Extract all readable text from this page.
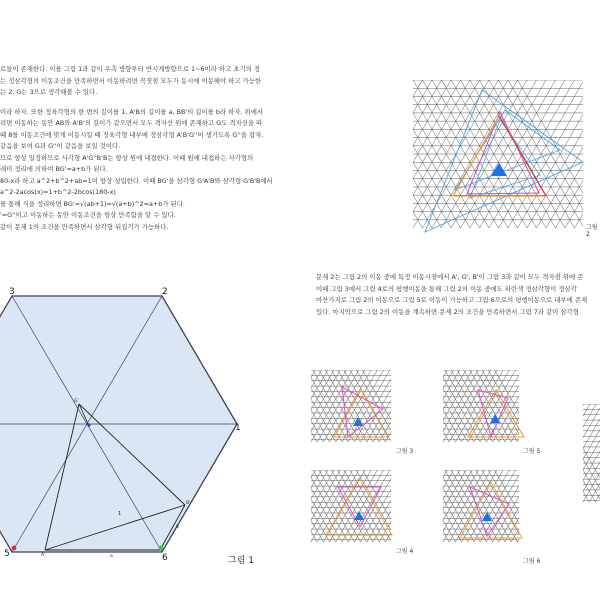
로들이 존재한다. 이를 그림 1과 같이 우측 방향부터 반시계방향으로 1~6이라 하고 초기의 정

는 정삼각형의 이동조건을 만족하면서 이동하려면 꼭짓점 모두가 동시에 이동해야 하고 가능한

는 2, G는 3으로 생각해볼 수 있다.

이라 하자. 또한 정육각형의 한 변의 길이를 1, A'B의 길이를 a, BB'의 길이를 b라 하자. 위에서

려면 이동하는 동안 AB와 A'B'의 길이가 같으면서 모두 격자선 위에 존재하고 G도 격자선을 따

때 8를 이동조건에 맞게 이동시킬 때 정육각형 내부에 정삼각형 A'B'G''이 생기도록 G''을 잡자.

같음을 보여 G과 G''이 같음을 보일 것이다.

므로 항상 일정하므로 사각형 A'G''B'B는 항상 원에 내접한다. 이때 원에 내접하는 사각형의

레미 정리에 의하여 BG'=a+b가 된다.

80-x라 하고 a^2+b^2+ab=1이 항상 성립한다. 이때 BG'을 삼각형 G'A'B와 삼각형 G'B'B에서

a^2-2acos(x)=1+b^2-2bcos(180-x)

를 통해 식을 정리하면 BG'=√(ab+1)=√(a+b)^2=a+b가 된다.

'=G''이고 이동하는 동안 이동조건을 항상 만족함을 알 수 있다.

같이 문제 1의 조건을 만족하면서 삼각형 뒤집기가 가능하다.

문제 2는 그림 2의 이동 중에 특정 이동시점에서 A', G', B'이 그림 3과 같이 모두 격자점 위에 존

이때 그림 3에서 그림 4로의 평행이동을 통해 그림 2의 이동 중에도 파란색 정삼각형이 정삼각

마찬가지로 그림 2의 이동으로 그림 5로 이동이 가능하고 그림 6으로의 평행이동으로 내부에 존재

있다. 마지막으로 그림 2의 이동을 계속하면 문제 2의 조건을 만족하면서 그림 7과 같이 삼각형

3	2
1
5	6
G'
B'
A'
1
b
a
그림 2
그림 1
그림 3
그림 4
그림 5
그림 6
